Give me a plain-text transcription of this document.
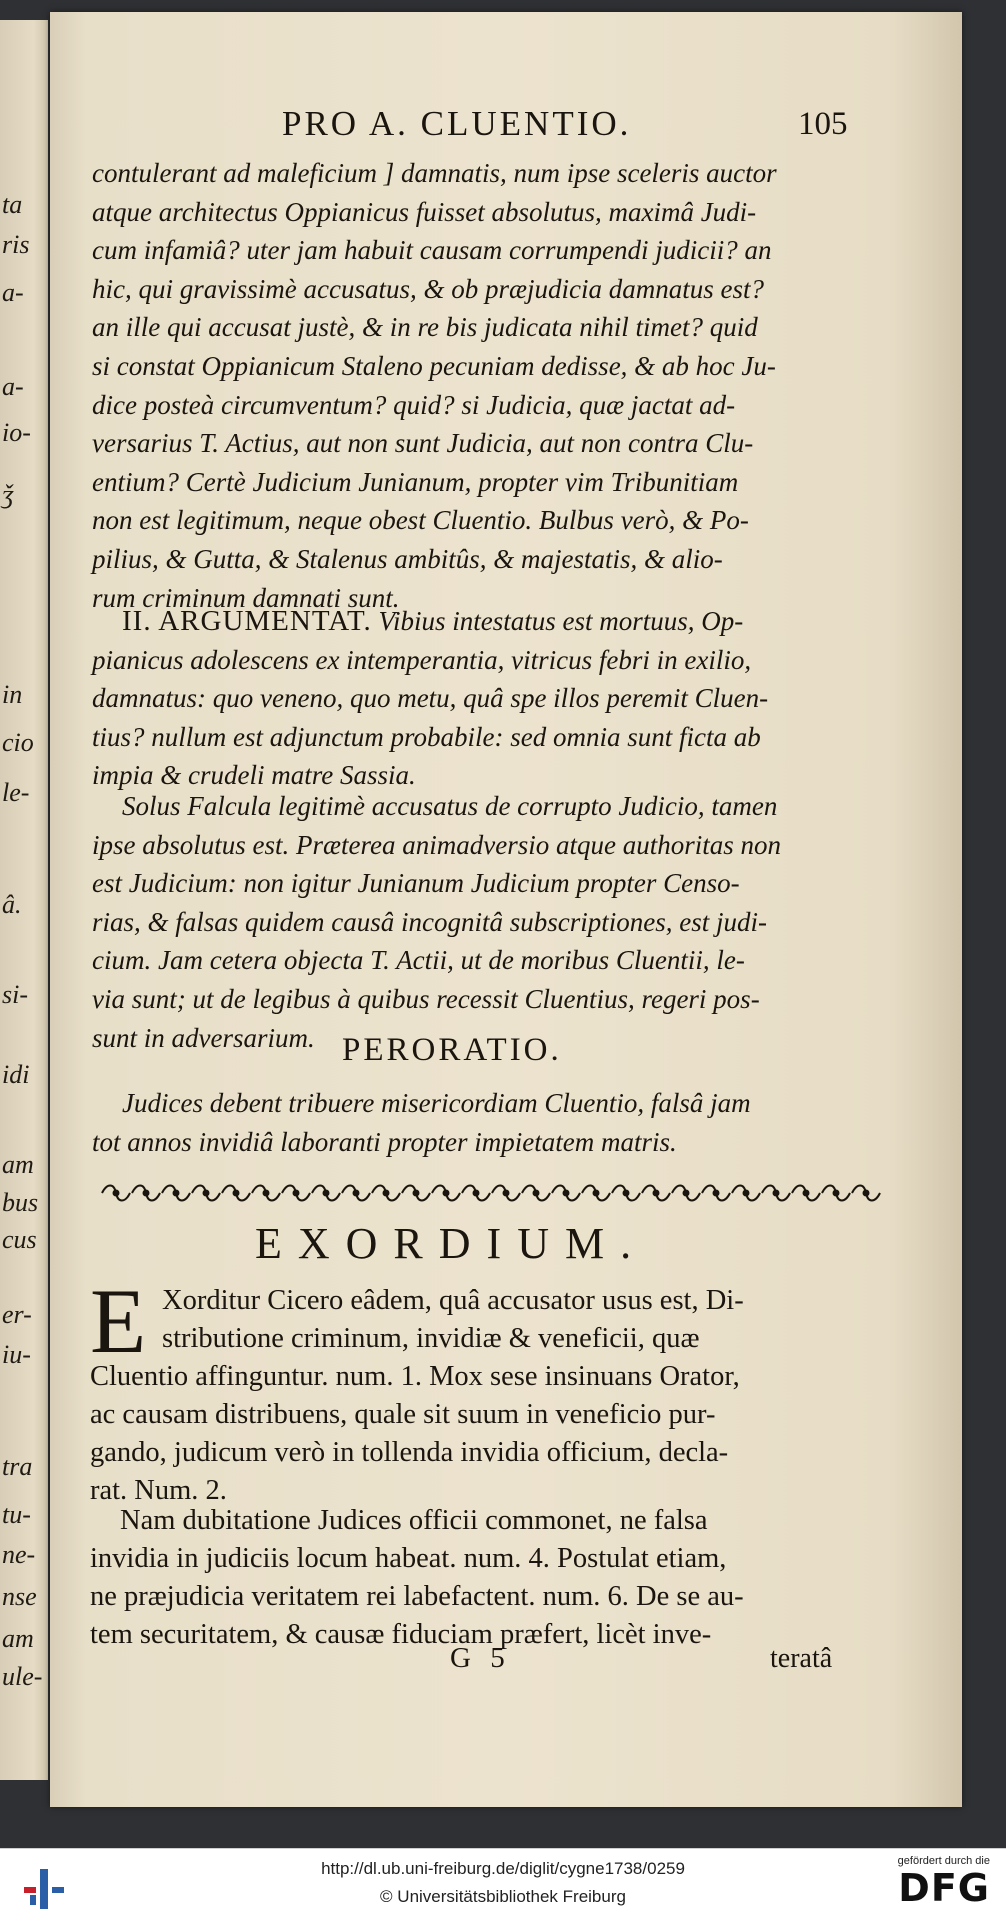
ta
ris
a-
a-
io-
ǯ
in
cio
le-
â.
si-
idi
am
bus
cus
er-
iu-
tra
tu-
ne-
nse
am
ule-
PRO A. CLUENTIO.	105
contulerant ad maleficium ] damnatis, num ipse sceleris auctor
atque architectus Oppianicus fuisset absolutus, maximâ Judi-
cum infamiâ? uter jam habuit causam corrumpendi judicii? an
hic, qui gravissimè accusatus, & ob præjudicia damnatus est?
an ille qui accusat justè, & in re bis judicata nihil timet? quid
si constat Oppianicum Staleno pecuniam dedisse, & ab hoc Ju-
dice posteà circumventum? quid? si Judicia, quæ jactat ad-
versarius T. Actius, aut non sunt Judicia, aut non contra Clu-
entium? Certè Judicium Junianum, propter vim Tribunitiam
non est legitimum, neque obest Cluentio. Bulbus verò, & Po-
pilius, & Gutta, & Stalenus ambitûs, & majestatis, & alio-
rum criminum damnati sunt.
II. ARGUMENTAT. Vibius intestatus est mortuus, Op-
pianicus adolescens ex intemperantia, vitricus febri in exilio,
damnatus: quo veneno, quo metu, quâ spe illos peremit Cluen-
tius? nullum est adjunctum probabile: sed omnia sunt ficta ab
impia & crudeli matre Sassia.
Solus Falcula legitimè accusatus de corrupto Judicio, tamen
ipse absolutus est. Præterea animadversio atque authoritas non
est Judicium: non igitur Junianum Judicium propter Censo-
rias, & falsas quidem causâ incognitâ subscriptiones, est judi-
cium. Jam cetera objecta T. Actii, ut de moribus Cluentii, le-
via sunt; ut de legibus à quibus recessit Cluentius, regeri pos-
sunt in adversarium. PERORATIO.
Judices debent tribuere misericordiam Cluentio, falsâ jam
tot annos invidiâ laboranti propter impietatem matris.
EXORDIUM.
E Xorditur Cicero eâdem, quâ accusator usus est, Di-
stributione criminum, invidiæ & veneficii, quæ
Cluentio affinguntur. num. 1. Mox sese insinuans Orator,
ac causam distribuens, quale sit suum in veneficio pur-
gando, judicum verò in tollenda invidia officium, decla-
rat. Num. 2.
Nam dubitatione Judices officii commonet, ne falsa
invidia in judiciis locum habeat. num. 4. Postulat etiam,
ne præjudicia veritatem rei labefactent. num. 6. De se au-
tem securitatem, & causæ fiduciam præfert, licèt inve-
G 5	teratâ
http://dl.ub.uni-freiburg.de/diglit/cygne1738/0259
© Universitätsbibliothek Freiburg
gefördert durch die
DFG
